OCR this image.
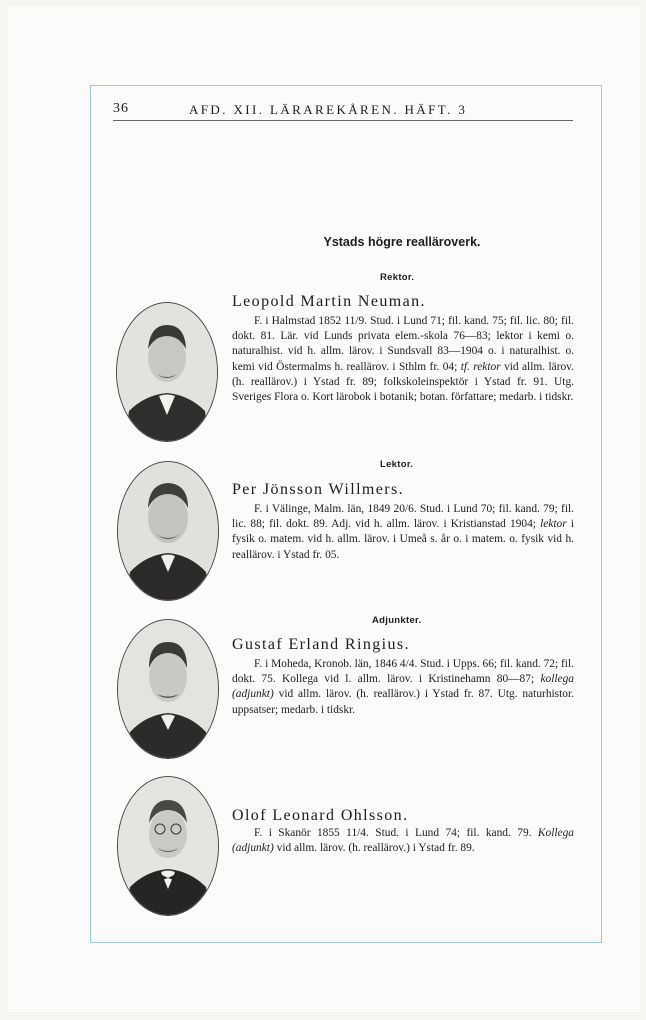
36	AFD. XII. LÄRAREKÅREN. HÄFT. 3
Ystads högre realläroverk.
Rektor.
Leopold Martin Neuman.
F. i Halmstad 1852 11/9. Stud. i Lund 71; fil. kand. 75; fil. lic. 80; fil. dokt. 81. Lär. vid Lunds privata elem.-skola 76—83; lektor i kemi o. naturalhist. vid h. allm. lärov. i Sundsvall 83—1904 o. i naturalhist. o. kemi vid Östermalms h. reallärov. i Sthlm fr. 04; tf. rektor vid allm. lärov. (h. reallärov.) i Ystad fr. 89; folkskoleinspektör i Ystad fr. 91. Utg. Sveriges Flora o. Kort lärobok i botanik; botan. författare; medarb. i tidskr.
Lektor.
Per Jönsson Willmers.
F. i Välinge, Malm. län, 1849 20/6. Stud. i Lund 70; fil. kand. 79; fil. lic. 88; fil. dokt. 89. Adj. vid h. allm. lärov. i Kristianstad 1904; lektor i fysik o. matem. vid h. allm. lärov. i Umeå s. år o. i matem. o. fysik vid h. reallärov. i Ystad fr. 05.
Adjunkter.
Gustaf Erland Ringius.
F. i Moheda, Kronob. län, 1846 4/4. Stud. i Upps. 66; fil. kand. 72; fil. dokt. 75. Kollega vid l. allm. lärov. i Kristinehamn 80—87; kollega (adjunkt) vid allm. lärov. (h. reallärov.) i Ystad fr. 87. Utg. naturhistor. uppsatser; medarb. i tidskr.
Olof Leonard Ohlsson.
F. i Skanör 1855 11/4. Stud. i Lund 74; fil. kand. 79. Kollega (adjunkt) vid allm. lärov. (h. reallärov.) i Ystad fr. 89.
